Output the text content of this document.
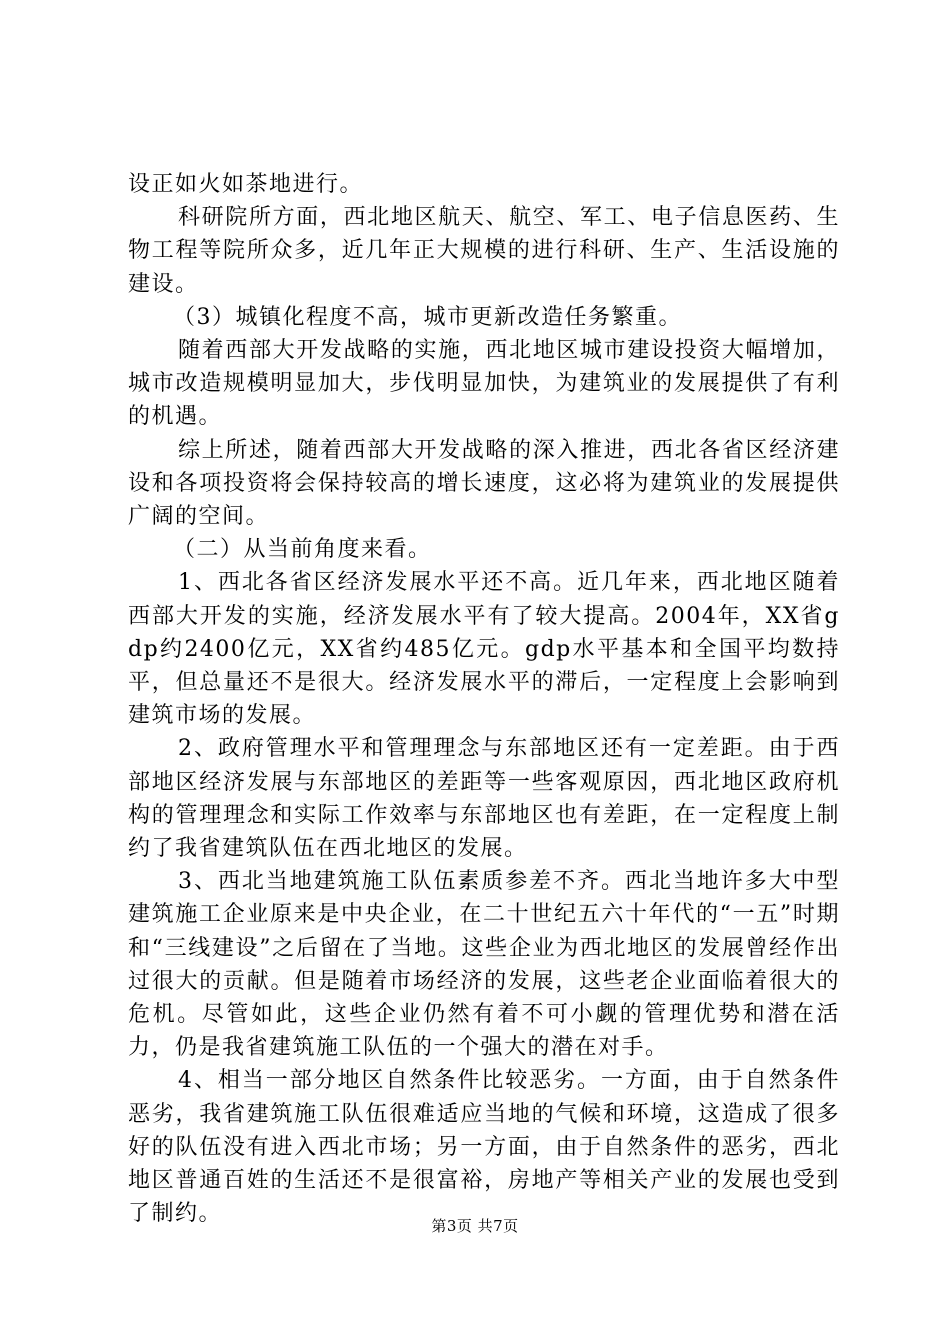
设正如火如茶地进行。

科研院所方面，西北地区航天、航空、军工、电子信息医药、生物工程等院所众多，近几年正大规模的进行科研、生产、生活设施的建设。

（3）城镇化程度不高，城市更新改造任务繁重。

随着西部大开发战略的实施，西北地区城市建设投资大幅增加，城市改造规模明显加大，步伐明显加快，为建筑业的发展提供了有利的机遇。

综上所述，随着西部大开发战略的深入推进，西北各省区经济建设和各项投资将会保持较高的增长速度，这必将为建筑业的发展提供广阔的空间。

（二）从当前角度来看。

1、西北各省区经济发展水平还不高。近几年来，西北地区随着西部大开发的实施，经济发展水平有了较大提高。2004年，XX省gdp约2400亿元，XX省约485亿元。gdp水平基本和全国平均数持平，但总量还不是很大。经济发展水平的滞后，一定程度上会影响到建筑市场的发展。

2、政府管理水平和管理理念与东部地区还有一定差距。由于西部地区经济发展与东部地区的差距等一些客观原因，西北地区政府机构的管理理念和实际工作效率与东部地区也有差距，在一定程度上制约了我省建筑队伍在西北地区的发展。

3、西北当地建筑施工队伍素质参差不齐。西北当地许多大中型建筑施工企业原来是中央企业，在二十世纪五六十年代的“一五”时期和“三线建设”之后留在了当地。这些企业为西北地区的发展曾经作出过很大的贡献。但是随着市场经济的发展，这些老企业面临着很大的危机。尽管如此，这些企业仍然有着不可小觑的管理优势和潜在活力，仍是我省建筑施工队伍的一个强大的潜在对手。

4、相当一部分地区自然条件比较恶劣。一方面，由于自然条件恶劣，我省建筑施工队伍很难适应当地的气候和环境，这造成了很多好的队伍没有进入西北市场；另一方面，由于自然条件的恶劣，西北地区普通百姓的生活还不是很富裕，房地产等相关产业的发展也受到了制约。	第3页 共7页
